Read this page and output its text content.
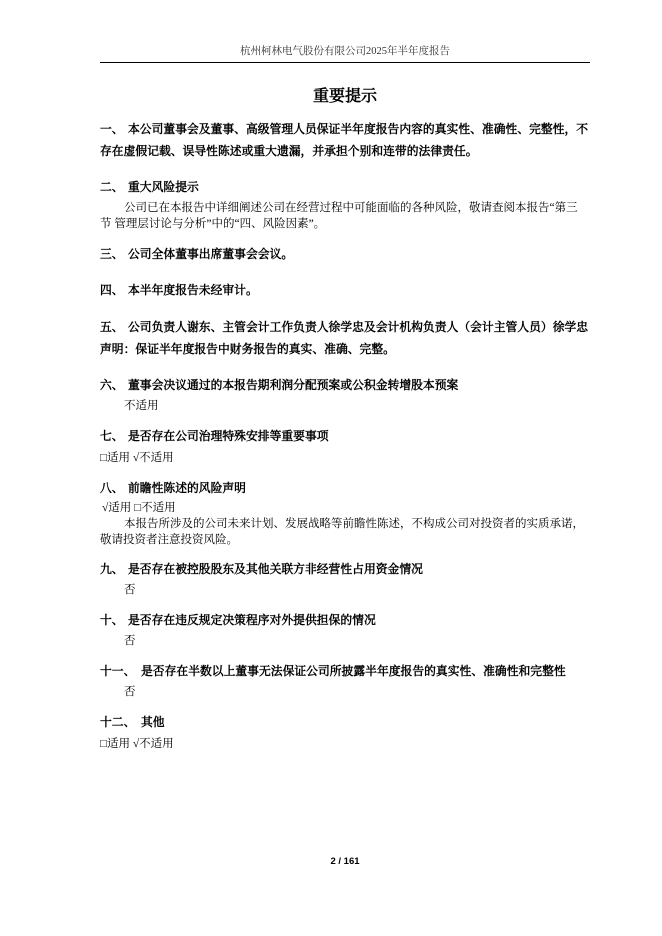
杭州柯林电气股份有限公司2025年半年度报告
重要提示
一、 本公司董事会及董事、高级管理人员保证半年度报告内容的真实性、准确性、完整性，不
存在虚假记载、误导性陈述或重大遗漏，并承担个别和连带的法律责任。
二、 重大风险提示
公司已在本报告中详细阐述公司在经营过程中可能面临的各种风险，敬请查阅本报告“第三
节 管理层讨论与分析”中的“四、风险因素”。
三、 公司全体董事出席董事会会议。
四、 本半年度报告未经审计。
五、 公司负责人谢东、主管会计工作负责人徐学忠及会计机构负责人（会计主管人员）徐学忠
声明：保证半年度报告中财务报告的真实、准确、完整。
六、 董事会决议通过的本报告期利润分配预案或公积金转增股本预案
不适用
七、 是否存在公司治理特殊安排等重要事项
□适用 √不适用
八、 前瞻性陈述的风险声明
√适用 □不适用
本报告所涉及的公司未来计划、发展战略等前瞻性陈述，不构成公司对投资者的实质承诺，
敬请投资者注意投资风险。
九、 是否存在被控股股东及其他关联方非经营性占用资金情况
否
十、 是否存在违反规定决策程序对外提供担保的情况
否
十一、 是否存在半数以上董事无法保证公司所披露半年度报告的真实性、准确性和完整性
否
十二、 其他
□适用 √不适用
2 / 161
